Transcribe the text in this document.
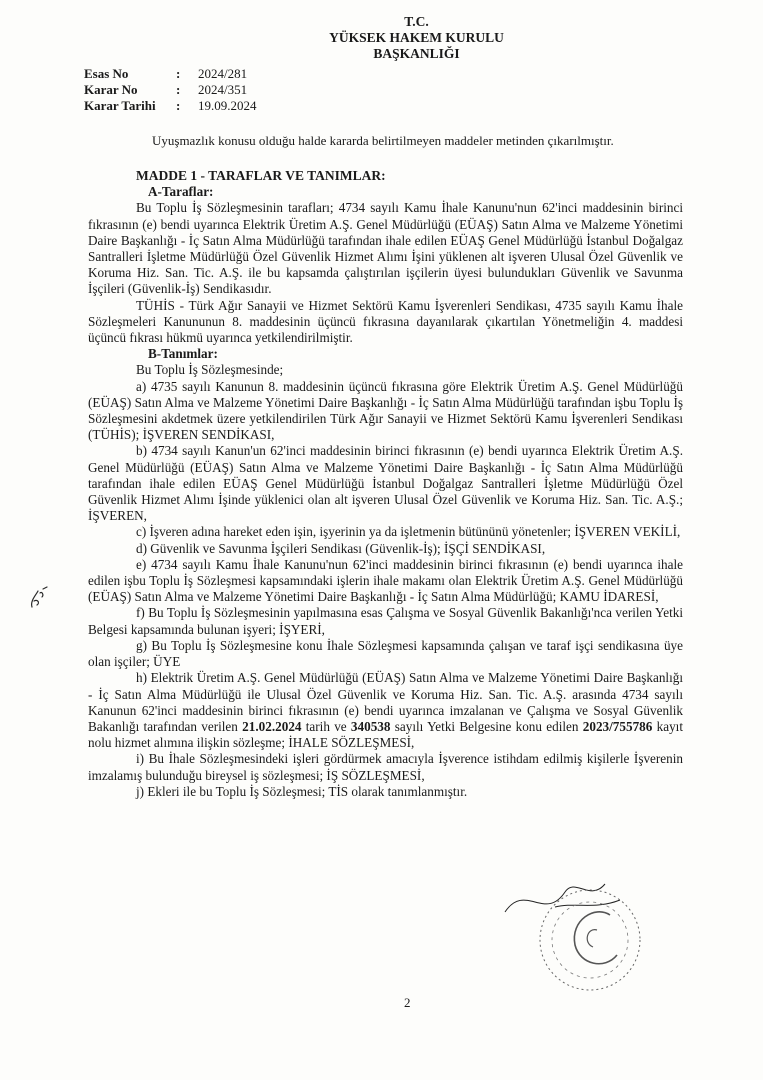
T.C.
YÜKSEK HAKEM KURULU
BAŞKANLIĞI
Esas No	:	2024/281
Karar No	:	2024/351
Karar Tarihi	:	19.09.2024
Uyuşmazlık konusu olduğu halde kararda belirtilmeyen maddeler metinden çıkarılmıştır.
MADDE 1 - TARAFLAR VE TANIMLAR:
A-Taraflar:

Bu Toplu İş Sözleşmesinin tarafları; 4734 sayılı Kamu İhale Kanunu'nun 62'inci maddesinin birinci fıkrasının (e) bendi uyarınca Elektrik Üretim A.Ş. Genel Müdürlüğü (EÜAŞ) Satın Alma ve Malzeme Yönetimi Daire Başkanlığı - İç Satın Alma Müdürlüğü tarafından ihale edilen EÜAŞ Genel Müdürlüğü İstanbul Doğalgaz Santralleri İşletme Müdürlüğü Özel Güvenlik Hizmet Alımı İşini yüklenen alt işveren Ulusal Özel Güvenlik ve Koruma Hiz. San. Tic. A.Ş. ile bu kapsamda çalıştırılan işçilerin üyesi bulundukları Güvenlik ve Savunma İşçileri (Güvenlik-İş) Sendikasıdır.

TÜHİS - Türk Ağır Sanayii ve Hizmet Sektörü Kamu İşverenleri Sendikası, 4735 sayılı Kamu İhale Sözleşmeleri Kanununun 8. maddesinin üçüncü fıkrasına dayanılarak çıkartılan Yönetmeliğin 4. maddesi üçüncü fıkrası hükmü uyarınca yetkilendirilmiştir.

B-Tanımlar:

Bu Toplu İş Sözleşmesinde;

a) 4735 sayılı Kanunun 8. maddesinin üçüncü fıkrasına göre Elektrik Üretim A.Ş. Genel Müdürlüğü (EÜAŞ) Satın Alma ve Malzeme Yönetimi Daire Başkanlığı - İç Satın Alma Müdürlüğü tarafından işbu Toplu İş Sözleşmesini akdetmek üzere yetkilendirilen Türk Ağır Sanayii ve Hizmet Sektörü Kamu İşverenleri Sendikası (TÜHİS); İŞVEREN SENDİKASI,

b) 4734 sayılı Kanun'un 62'inci maddesinin birinci fıkrasının (e) bendi uyarınca Elektrik Üretim A.Ş. Genel Müdürlüğü (EÜAŞ) Satın Alma ve Malzeme Yönetimi Daire Başkanlığı - İç Satın Alma Müdürlüğü tarafından ihale edilen EÜAŞ Genel Müdürlüğü İstanbul Doğalgaz Santralleri İşletme Müdürlüğü Özel Güvenlik Hizmet Alımı İşinde yüklenici olan alt işveren Ulusal Özel Güvenlik ve Koruma Hiz. San. Tic. A.Ş.; İŞVEREN,

c) İşveren adına hareket eden işin, işyerinin ya da işletmenin bütününü yönetenler; İŞVEREN VEKİLİ,

d) Güvenlik ve Savunma İşçileri Sendikası (Güvenlik-İş); İŞÇİ SENDİKASI,

e) 4734 sayılı Kamu İhale Kanunu'nun 62'inci maddesinin birinci fıkrasının (e) bendi uyarınca ihale edilen işbu Toplu İş Sözleşmesi kapsamındaki işlerin ihale makamı olan Elektrik Üretim A.Ş. Genel Müdürlüğü (EÜAŞ) Satın Alma ve Malzeme Yönetimi Daire Başkanlığı - İç Satın Alma Müdürlüğü; KAMU İDARESİ,

f) Bu Toplu İş Sözleşmesinin yapılmasına esas Çalışma ve Sosyal Güvenlik Bakanlığı'nca verilen Yetki Belgesi kapsamında bulunan işyeri; İŞYERİ,

g) Bu Toplu İş Sözleşmesine konu İhale Sözleşmesi kapsamında çalışan ve taraf işçi sendikasına üye olan işçiler; ÜYE

h) Elektrik Üretim A.Ş. Genel Müdürlüğü (EÜAŞ) Satın Alma ve Malzeme Yönetimi Daire Başkanlığı - İç Satın Alma Müdürlüğü ile Ulusal Özel Güvenlik ve Koruma Hiz. San. Tic. A.Ş. arasında 4734 sayılı Kanunun 62'inci maddesinin birinci fıkrasının (e) bendi uyarınca imzalanan ve Çalışma ve Sosyal Güvenlik Bakanlığı tarafından verilen 21.02.2024 tarih ve 340538 sayılı Yetki Belgesine konu edilen 2023/755786 kayıt nolu hizmet alımına ilişkin sözleşme; İHALE SÖZLEŞMESİ,

i) Bu İhale Sözleşmesindeki işleri gördürmek amacıyla İşverence istihdam edilmiş kişilerle İşverenin imzalamış bulunduğu bireysel iş sözleşmesi; İŞ SÖZLEŞMESİ,

j) Ekleri ile bu Toplu İş Sözleşmesi; TİS olarak tanımlanmıştır.

2
